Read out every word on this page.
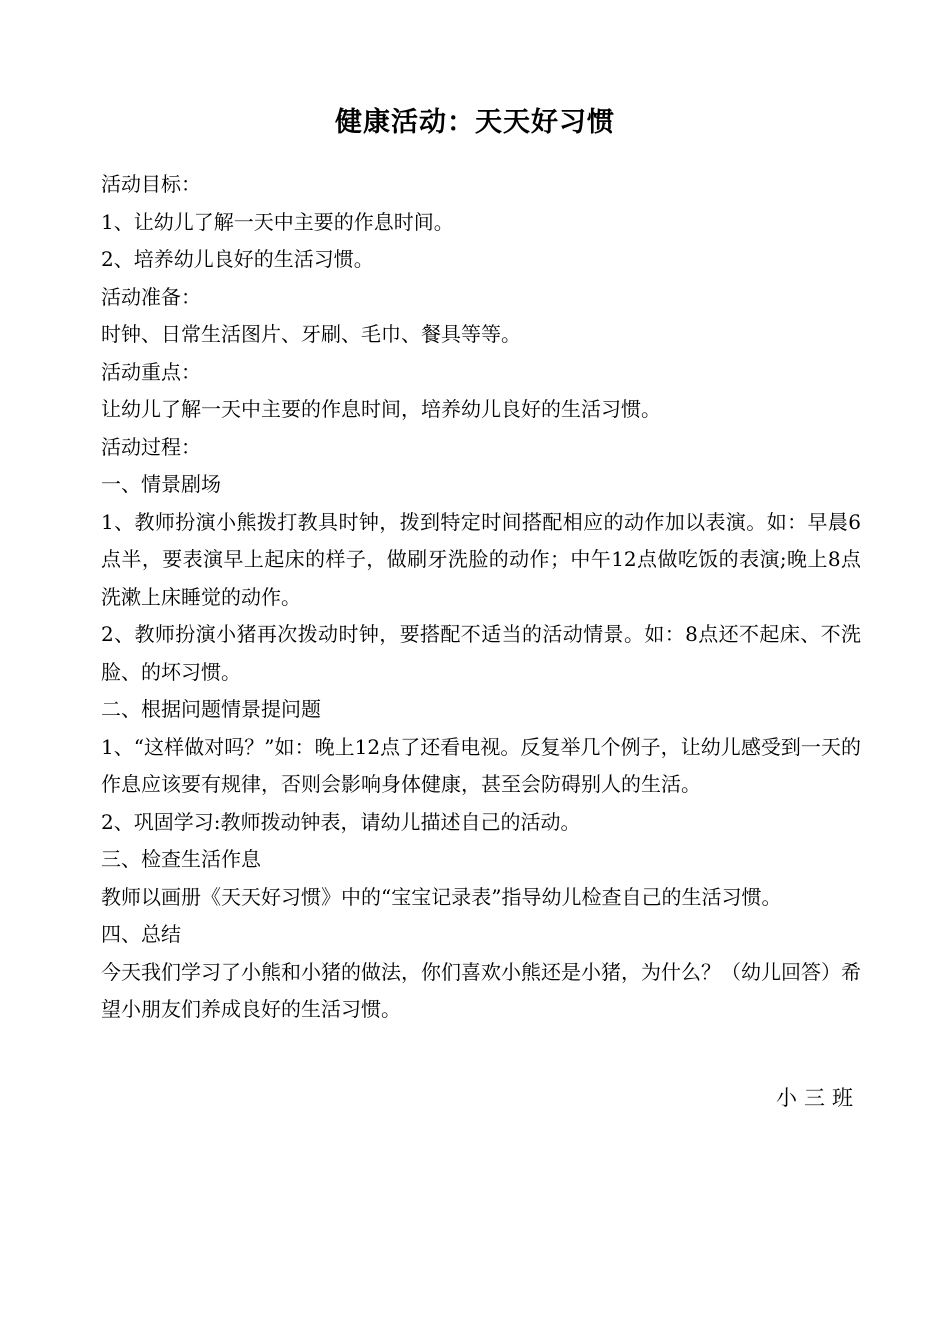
健康活动：天天好习惯

活动目标：

1、让幼儿了解一天中主要的作息时间。

2、培养幼儿良好的生活习惯。

活动准备：

时钟、日常生活图片、牙刷、毛巾、餐具等等。

活动重点：

让幼儿了解一天中主要的作息时间，培养幼儿良好的生活习惯。

活动过程：

一、情景剧场

1、教师扮演小熊拨打教具时钟，拨到特定时间搭配相应的动作加以表演。如：早晨6点半，要表演早上起床的样子，做刷牙洗脸的动作；中午12点做吃饭的表演;晚上8点洗漱上床睡觉的动作。

2、教师扮演小猪再次拨动时钟，要搭配不适当的活动情景。如：8点还不起床、不洗脸、的坏习惯。

二、根据问题情景提问题

1、“这样做对吗？”如：晚上12点了还看电视。反复举几个例子，让幼儿感受到一天的作息应该要有规律，否则会影响身体健康，甚至会防碍别人的生活。

2、巩固学习:教师拨动钟表，请幼儿描述自己的活动。

三、检查生活作息

教师以画册《天天好习惯》中的“宝宝记录表”指导幼儿检查自己的生活习惯。

四、总结

今天我们学习了小熊和小猪的做法，你们喜欢小熊还是小猪，为什么？（幼儿回答）希望小朋友们养成良好的生活习惯。

小三班
